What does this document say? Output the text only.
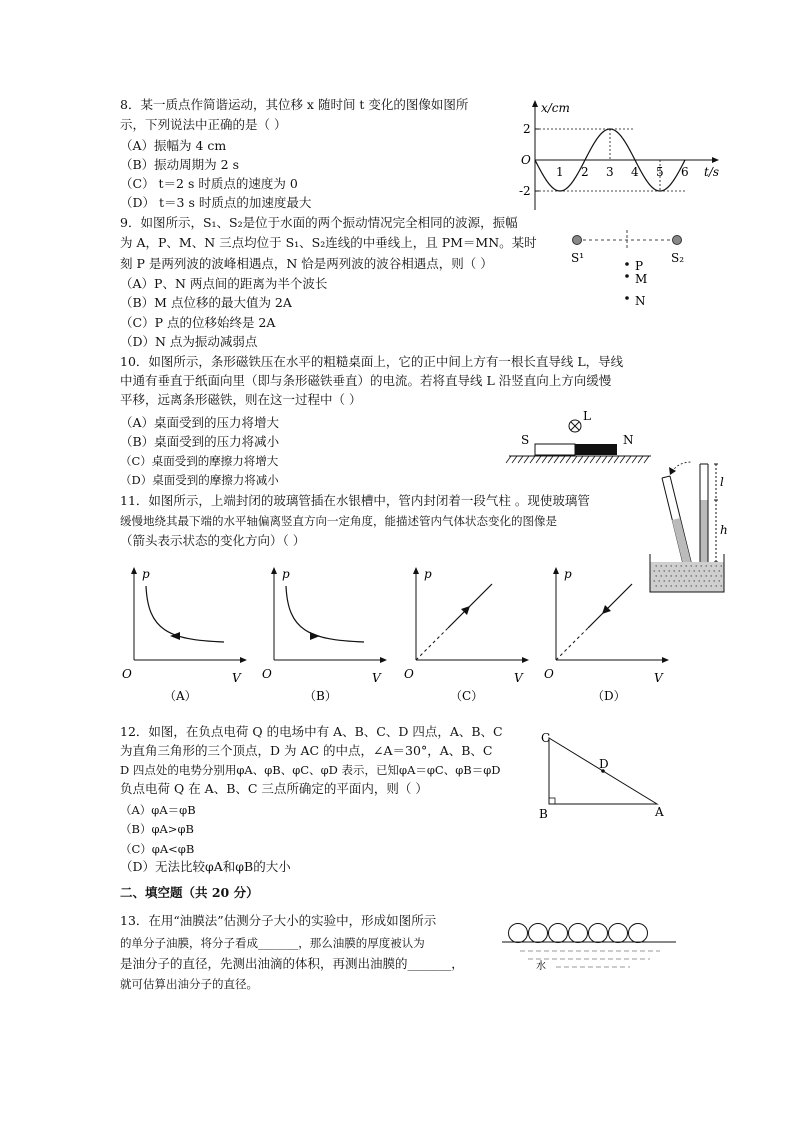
8．某一质点作简谐运动，其位移 x 随时间 t 变化的图像如图所
示，下列说法中正确的是（ ）
（A）振幅为 4 cm
（B）振动周期为 2 s
（C） t＝2 s 时质点的速度为 0
（D） t＝3 s 时质点的加速度最大
x/cm
t/s
O
2
-2
1 2 3 4 5 6
9．如图所示，S₁、S₂是位于水面的两个振动情况完全相同的波源，振幅
为 A，P、M、N 三点均位于 S₁、S₂连线的中垂线上，且 PM＝MN。某时
刻 P 是两列波的波峰相遇点，N 恰是两列波的波谷相遇点，则（ ）
（A）P、N 两点间的距离为半个波长
（B）M 点位移的最大值为 2A
（C）P 点的位移始终是 2A
（D）N 点为振动减弱点
S¹	S₂
P
M
N
10．如图所示，条形磁铁压在水平的粗糙桌面上，它的正中间上方有一根长直导线 L，导线
中通有垂直于纸面向里（即与条形磁铁垂直）的电流。若将直导线 L 沿竖直向上方向缓慢
平移，远离条形磁铁，则在这一过程中（ ）
（A）桌面受到的压力将增大
（B）桌面受到的压力将减小
（C）桌面受到的摩擦力将增大
（D）桌面受到的摩擦力将减小
L
S	N
11．如图所示，上端封闭的玻璃管插在水银槽中，管内封闭着一段气柱 。现使玻璃管
缓慢地绕其最下端的水平轴偏离竖直方向一定角度，能描述管内气体状态变化的图像是
（箭头表示状态的变化方向）（ ）
l
h
p
V
O
（A）
p
V
O
（B）
p
V
O
（C）
p
V
O
（D）
12．如图，在负点电荷 Q 的电场中有 A、B、C、D 四点，A、B、C
为直角三角形的三个顶点，D 为 AC 的中点，∠A＝30°，A、B、C
D 四点处的电势分别用φA、φB、φC、φD 表示，已知φA＝φC、φB＝φD
负点电荷 Q 在 A、B、C 三点所确定的平面内，则（ ）
（A）φA＝φB
（B）φA>φB
（C）φA<φB
（D）无法比较φA和φB的大小
C
D
B	A
二、填空题（共 20 分）
13．在用“油膜法”估测分子大小的实验中，形成如图所示
的单分子油膜，将分子看成_______，那么油膜的厚度被认为
是油分子的直径，先测出油滴的体积，再测出油膜的_______，
就可估算出油分子的直径。
水
